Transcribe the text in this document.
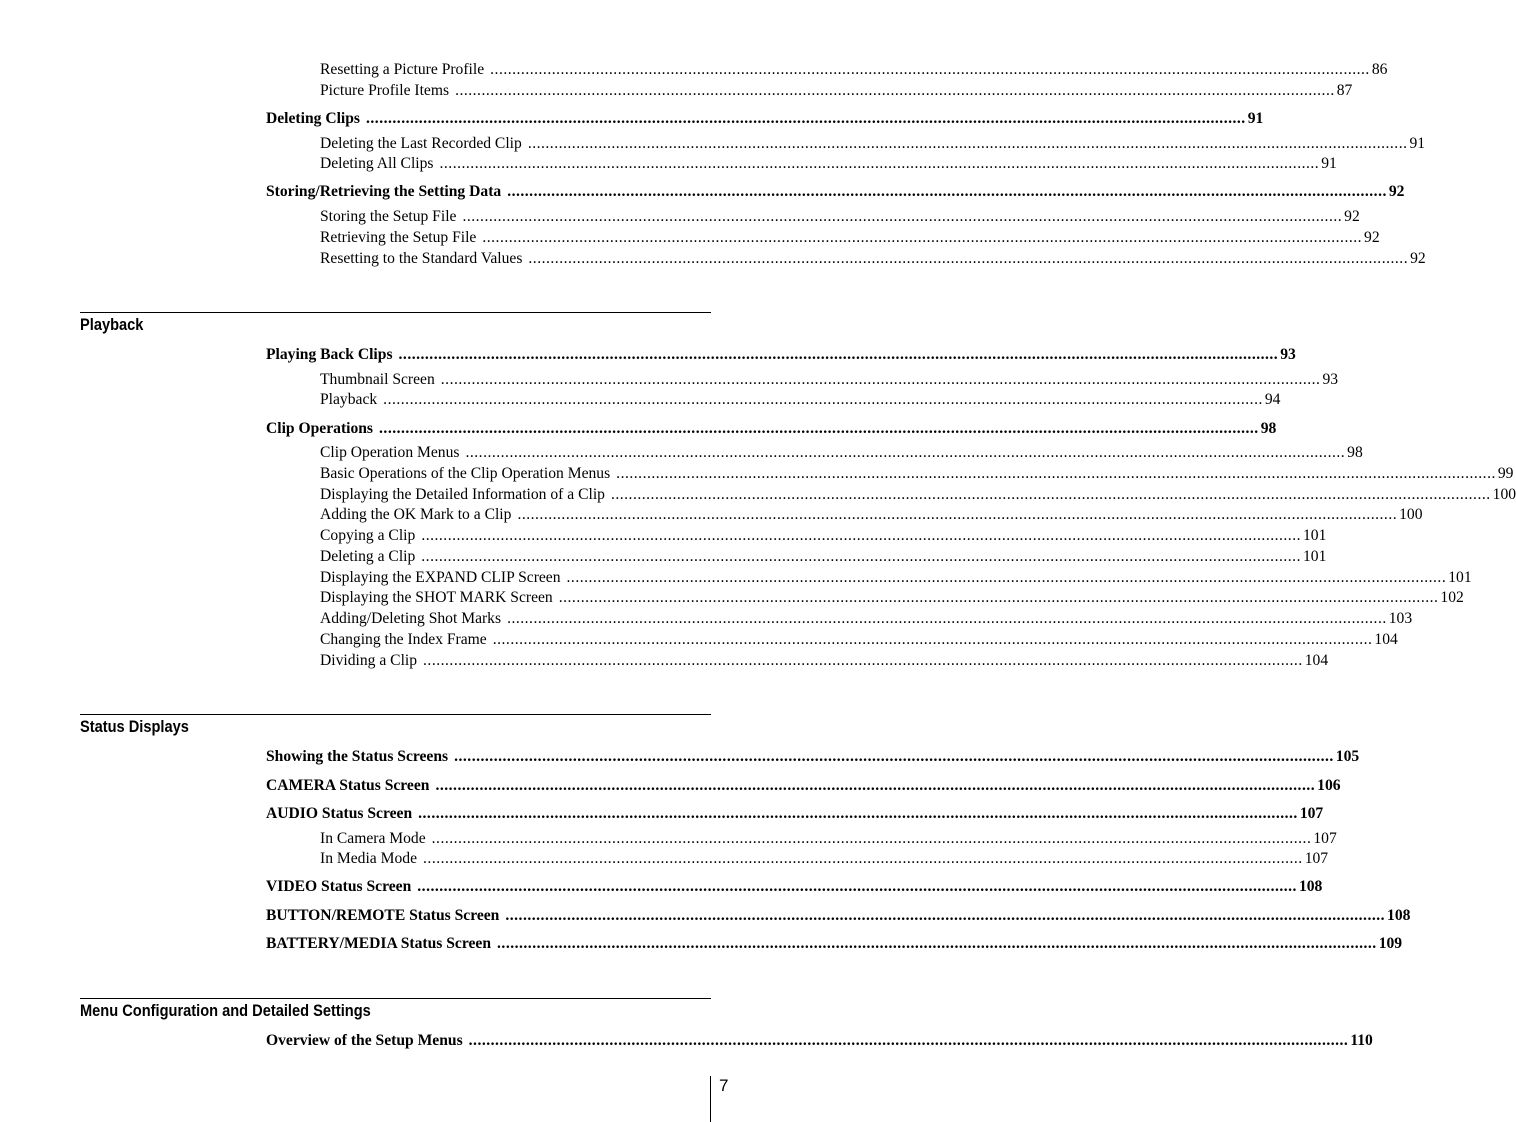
Resetting a Picture Profile ........................................................................................................................................................................................................ 86
Picture Profile Items ........................................................................................................................................................................................................ 87
Deleting Clips ........................................................................................................................................................................................................ 91
Deleting the Last Recorded Clip ........................................................................................................................................................................................................ 91
Deleting All Clips ........................................................................................................................................................................................................ 91
Storing/Retrieving the Setting Data ........................................................................................................................................................................................................ 92
Storing the Setup File ........................................................................................................................................................................................................ 92
Retrieving the Setup File ........................................................................................................................................................................................................ 92
Resetting to the Standard Values ........................................................................................................................................................................................................ 92
Playback
Playing Back Clips ........................................................................................................................................................................................................ 93
Thumbnail Screen ........................................................................................................................................................................................................ 93
Playback ........................................................................................................................................................................................................ 94
Clip Operations ........................................................................................................................................................................................................ 98
Clip Operation Menus ........................................................................................................................................................................................................ 98
Basic Operations of the Clip Operation Menus ........................................................................................................................................................................................................ 99
Displaying the Detailed Information of a Clip ........................................................................................................................................................................................................ 100
Adding the OK Mark to a Clip ........................................................................................................................................................................................................ 100
Copying a Clip ........................................................................................................................................................................................................ 101
Deleting a Clip ........................................................................................................................................................................................................ 101
Displaying the EXPAND CLIP Screen ........................................................................................................................................................................................................ 101
Displaying the SHOT MARK Screen ........................................................................................................................................................................................................ 102
Adding/Deleting Shot Marks ........................................................................................................................................................................................................ 103
Changing the Index Frame ........................................................................................................................................................................................................ 104
Dividing a Clip ........................................................................................................................................................................................................ 104
Status Displays
Showing the Status Screens ........................................................................................................................................................................................................ 105
CAMERA Status Screen ........................................................................................................................................................................................................ 106
AUDIO Status Screen ........................................................................................................................................................................................................ 107
In Camera Mode ........................................................................................................................................................................................................ 107
In Media Mode ........................................................................................................................................................................................................ 107
VIDEO Status Screen ........................................................................................................................................................................................................ 108
BUTTON/REMOTE Status Screen ........................................................................................................................................................................................................ 108
BATTERY/MEDIA Status Screen ........................................................................................................................................................................................................ 109
Menu Configuration and Detailed Settings
Overview of the Setup Menus ........................................................................................................................................................................................................ 110
7
